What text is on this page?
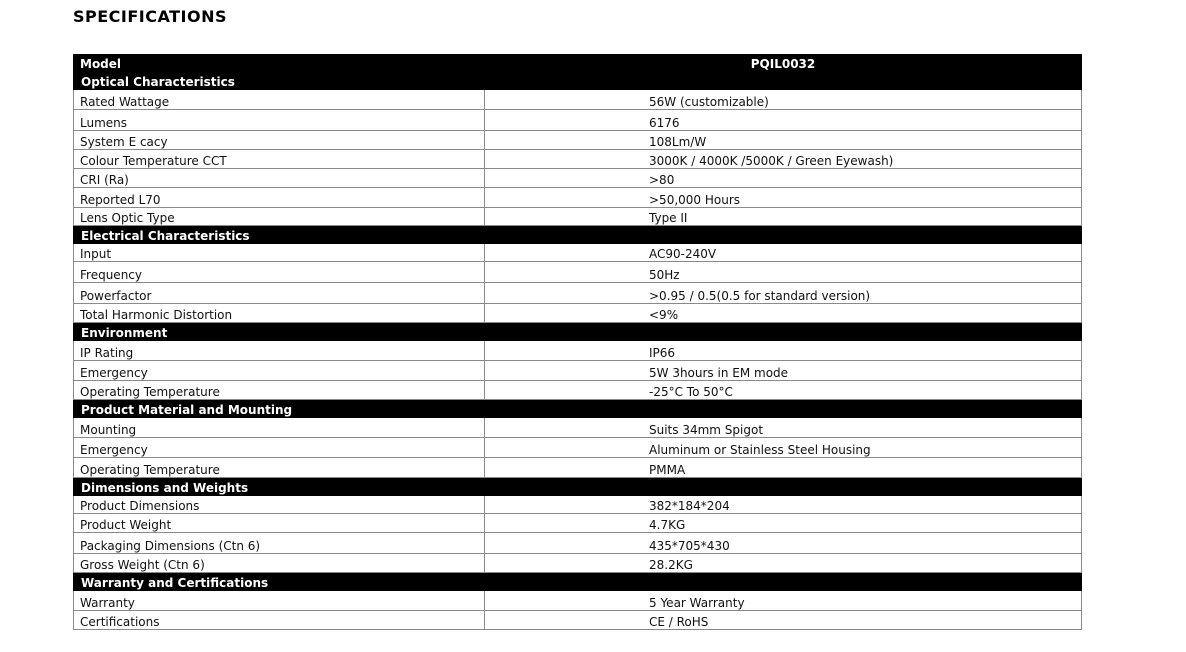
SPECIFICATIONS
Model	PQIL0032
Optical Characteristics	
Rated Wattage	56W (customizable)
Lumens	6176
System E cacy	108Lm/W
Colour Temperature CCT	3000K / 4000K /5000K / Green Eyewash)
CRI (Ra)	>80
Reported L70	>50,000 Hours
Lens Optic Type	Type II
Electrical Characteristics	
Input	AC90-240V
Frequency	50Hz
Powerfactor	>0.95 / 0.5(0.5 for standard version)
Total Harmonic Distortion	<9%
Environment	
IP Rating	IP66
Emergency	5W 3hours in EM mode
Operating Temperature	-25°C To 50°C
Product Material and Mounting	
Mounting	Suits 34mm Spigot
Emergency	Aluminum or Stainless Steel Housing
Operating Temperature	PMMA
Dimensions and Weights	
Product Dimensions	382*184*204
Product Weight	4.7KG
Packaging Dimensions (Ctn 6)	435*705*430
Gross Weight (Ctn 6)	28.2KG
Warranty and Certifications	
Warranty	5 Year Warranty
Certifications	CE / RoHS
